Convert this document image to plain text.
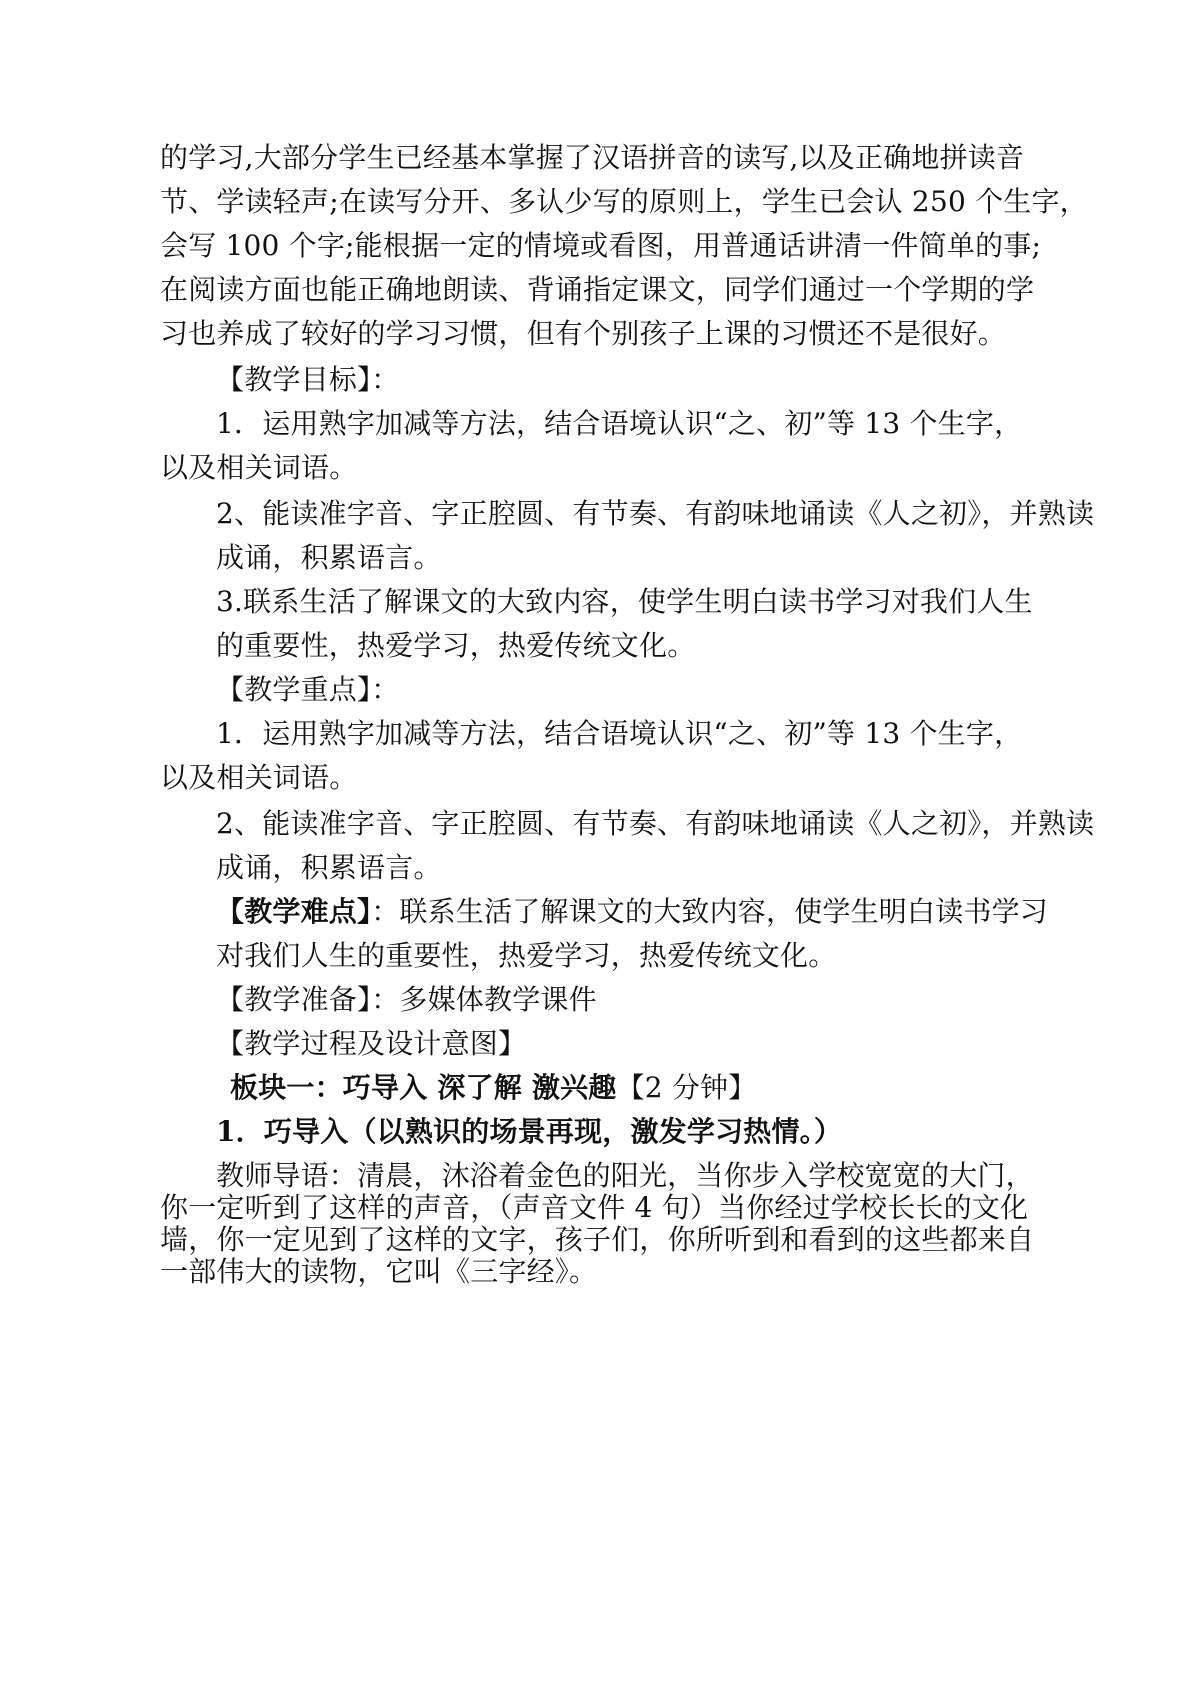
的学习,大部分学生已经基本掌握了汉语拼音的读写,以及正确地拼读音
节、学读轻声;在读写分开、多认少写的原则上，学生已会认 250 个生字，
会写 100 个字;能根据一定的情境或看图，用普通话讲清一件简单的事;
在阅读方面也能正确地朗读、背诵指定课文，同学们通过一个学期的学
习也养成了较好的学习习惯，但有个别孩子上课的习惯还不是很好。
【教学目标】：
1．运用熟字加减等方法，结合语境认识“之、初”等 13 个生字，
以及相关词语。
2、能读准字音、字正腔圆、有节奏、有韵味地诵读《人之初》，并熟读
成诵，积累语言。
3.联系生活了解课文的大致内容，使学生明白读书学习对我们人生
的重要性，热爱学习，热爱传统文化。
【教学重点】：
1．运用熟字加减等方法，结合语境认识“之、初”等 13 个生字，
以及相关词语。
2、能读准字音、字正腔圆、有节奏、有韵味地诵读《人之初》，并熟读
成诵，积累语言。
【教学难点】：联系生活了解课文的大致内容，使学生明白读书学习
对我们人生的重要性，热爱学习，热爱传统文化。
【教学准备】：多媒体教学课件
【教学过程及设计意图】
板块一：巧导入 深了解 激兴趣【2 分钟】
1．巧导入（以熟识的场景再现，激发学习热情。）
教师导语：清晨，沐浴着金色的阳光，当你步入学校宽宽的大门，
你一定听到了这样的声音，（声音文件 4 句）当你经过学校长长的文化
墙，你一定见到了这样的文字，孩子们，你所听到和看到的这些都来自
一部伟大的读物，它叫《三字经》。
